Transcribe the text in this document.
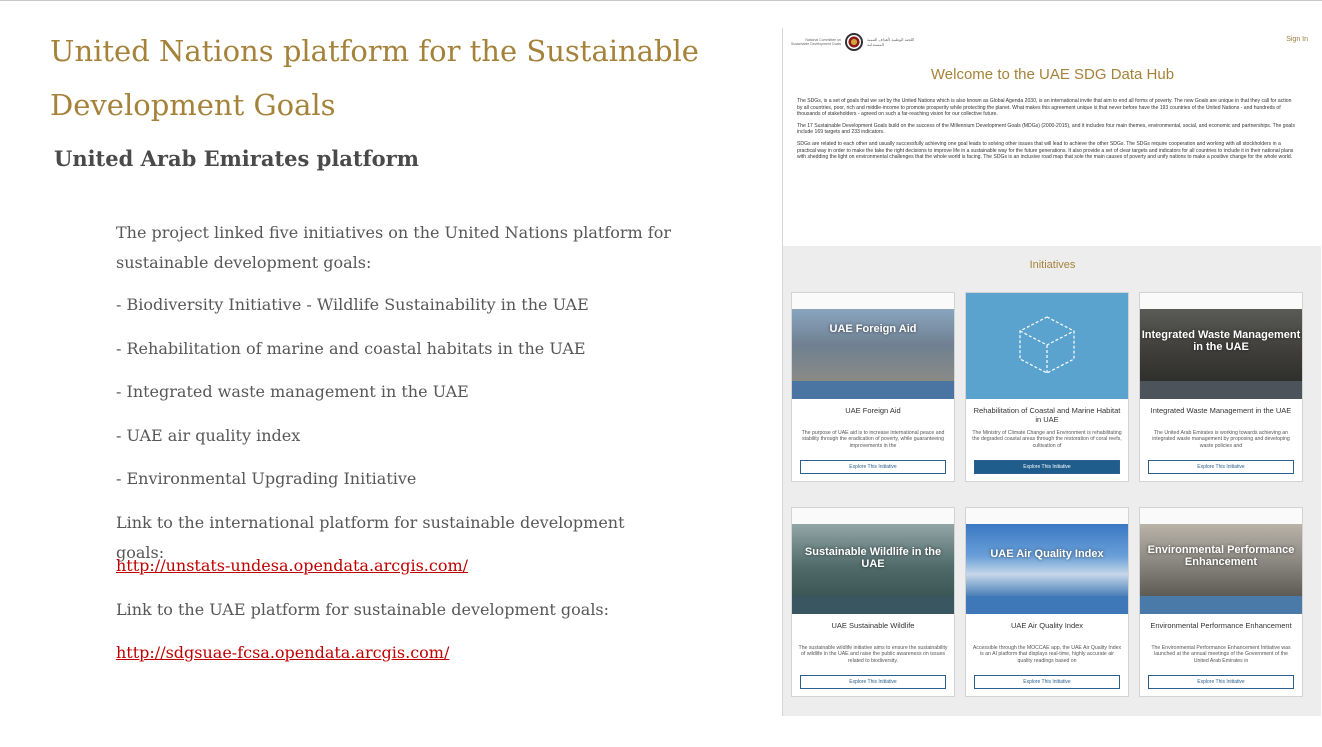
United Nations platform for the Sustainable Development Goals
United Arab Emirates platform

The project linked five initiatives on the United Nations platform for sustainable development goals:

- Biodiversity Initiative - Wildlife Sustainability in the UAE

- Rehabilitation of marine and coastal habitats in the UAE

- Integrated waste management in the UAE

- UAE air quality index

- Environmental Upgrading Initiative

Link to the international platform for sustainable development goals:

http://unstats-undesa.opendata.arcgis.com/

Link to the UAE platform for sustainable development goals:

http://sdgsuae-fcsa.opendata.arcgis.com/

National Committee on Sustainable Development Goals
اللجنة الوطنية لأهداف التنمية المستدامة
Sign In
Welcome to the UAE SDG Data Hub

The SDGs, is a set of goals that we set by the United Nations which is also known as Global Agenda 2030, is an international invite that aim to end all forms of poverty. The new Goals are unique in that they call for action by all countries, poor, rich and middle-income to promote prosperity while protecting the planet. What makes this agreement unique is that never before have the 193 countries of the United Nations - and hundreds of thousands of stakeholders - agreed on such a far-reaching vision for our collective future.

The 17 Sustainable Development Goals build on the success of the Millennium Development Goals (MDGs) (2000-2015), and it includes four main themes, environmental, social, and economic and partnerships. The goals include 169 targets and 233 indicators.

SDGs are related to each other and usually successfully achieving one goal leads to solving other issues that will lead to achieve the other SDGs. The SDGs require cooperation and working with all stockholders in a practical way in order to make the take the right decisions to improve life in a sustainable way for the future generations. It also provide a set of clear targets and indicators for all countries to include it in their national plans with shedding the light on environmental challenges that the whole world is facing. The SDGs is an inclusive road map that sole the main causes of poverty and unify nations to make a positive change for the whole world.

Initiatives
UAE Foreign Aid
UAE Foreign Aid
The purpose of UAE aid is to increase international peace and stability through the eradication of poverty, while guaranteeing improvements in the
Explore This Initiative
Rehabilitation of Coastal and Marine Habitat in UAE
The Ministry of Climate Change and Environment is rehabilitating the degraded coastal areas through the restoration of coral reefs, cultivation of
Explore This Initiative
Integrated Waste Management in the UAE
Integrated Waste Management in the UAE
The United Arab Emirates is working towards achieving an integrated waste management by proposing and developing waste policies and
Explore This Initiative
Sustainable Wildlife in the UAE
UAE Sustainable Wildlife
The sustainable wildlife initiative aims to ensure the sustainability of wildlife in the UAE and raise the public awareness on issues related to biodiversity.
Explore This Initiative
UAE Air Quality Index
UAE Air Quality Index
Accessible through the MOCCAE app, the UAE Air Quality Index is an AI platform that displays real-time, highly accurate air quality readings based on
Explore This Initiative
Environmental Performance Enhancement
Environmental Performance Enhancement
The Environmental Performance Enhancement Initiative was launched at the annual meetings of the Government of the United Arab Emirates in
Explore This Initiative
